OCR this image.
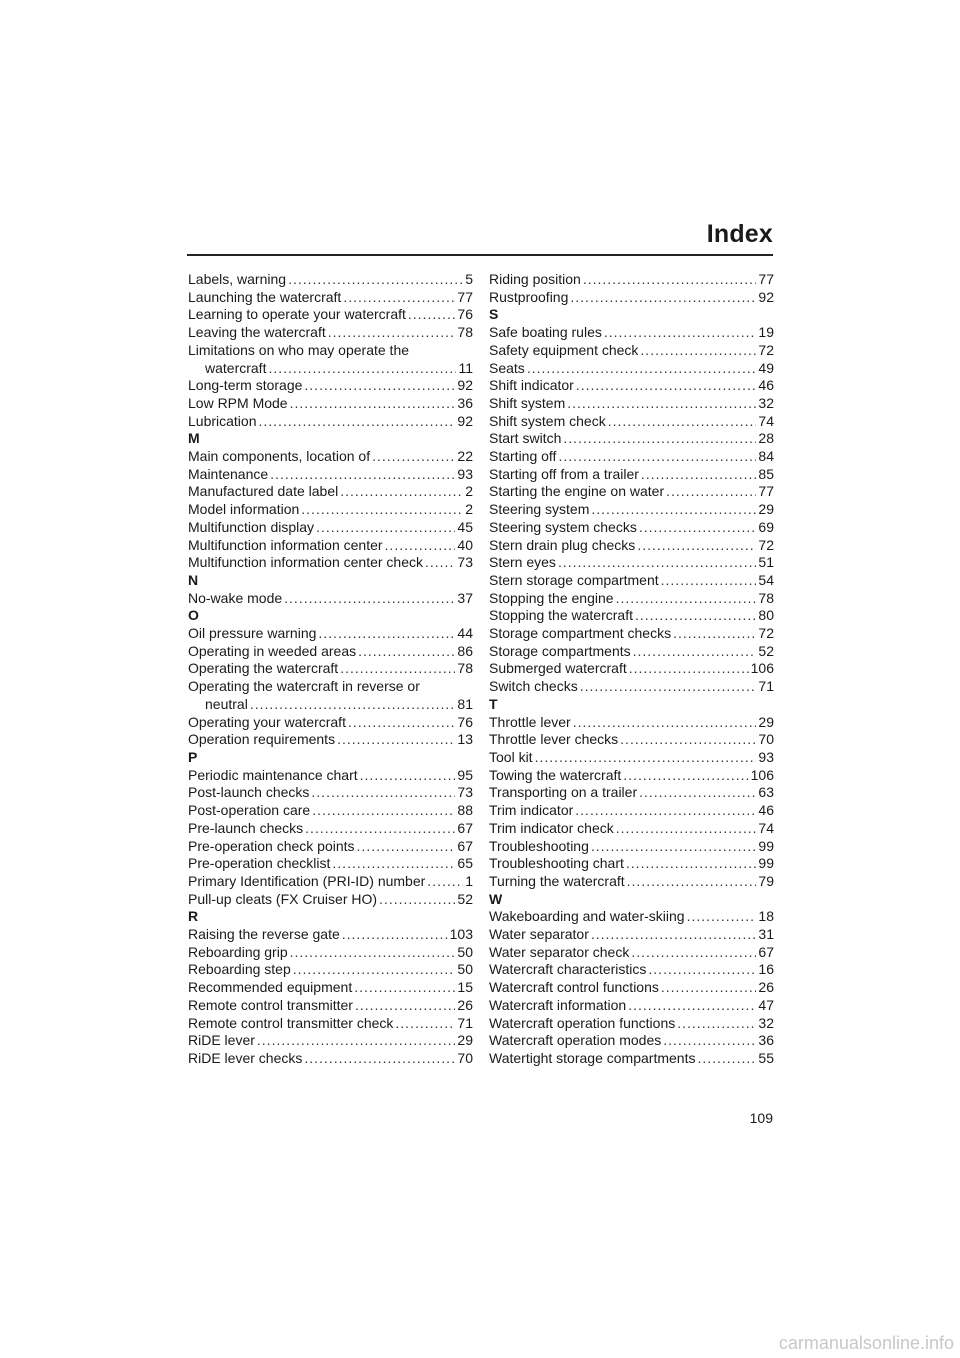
Index
Labels, warning .....	5
Launching the watercraft .....	77
Learning to operate your watercraft .....	76
Leaving the watercraft .....	78
Limitations on who may operate the
watercraft .....	11
Long-term storage .....	92
Low RPM Mode .....	36
Lubrication .....	92
M
Main components, location of .....	22
Maintenance .....	93
Manufactured date label .....	2
Model information .....	2
Multifunction display .....	45
Multifunction information center .....	40
Multifunction information center check ..... 73
N
No-wake mode .....	37
O
Oil pressure warning .....	44
Operating in weeded areas .....	86
Operating the watercraft .....	78
Operating the watercraft in reverse or
neutral .....	81
Operating your watercraft .....	76
Operation requirements .....	13
P
Periodic maintenance chart .....	95
Post-launch checks .....	73
Post-operation care .....	88
Pre-launch checks .....	67
Pre-operation check points .....	67
Pre-operation checklist .....	65
Primary Identification (PRI-ID) number .....	1
Pull-up cleats (FX Cruiser HO) .....	52
R
Raising the reverse gate .....	103
Reboarding grip .....	50
Reboarding step .....	50
Recommended equipment .....	15
Remote control transmitter .....	26
Remote control transmitter check .....	71
RiDE lever .....	29
RiDE lever checks .....	70
Riding position .....	77
Rustproofing .....	92
S
Safe boating rules .....	19
Safety equipment check .....	72
Seats .....	49
Shift indicator .....	46
Shift system .....	32
Shift system check .....	74
Start switch .....	28
Starting off .....	84
Starting off from a trailer .....	85
Starting the engine on water .....	77
Steering system .....	29
Steering system checks .....	69
Stern drain plug checks .....	72
Stern eyes .....	51
Stern storage compartment .....	54
Stopping the engine .....	78
Stopping the watercraft .....	80
Storage compartment checks .....	72
Storage compartments .....	52
Submerged watercraft .....	106
Switch checks .....	71
T
Throttle lever .....	29
Throttle lever checks .....	70
Tool kit .....	93
Towing the watercraft .....	106
Transporting on a trailer .....	63
Trim indicator .....	46
Trim indicator check .....	74
Troubleshooting .....	99
Troubleshooting chart .....	99
Turning the watercraft .....	79
W
Wakeboarding and water-skiing .....	18
Water separator .....	31
Water separator check .....	67
Watercraft characteristics .....	16
Watercraft control functions .....	26
Watercraft information .....	47
Watercraft operation functions .....	32
Watercraft operation modes .....	36
Watertight storage compartments .....	55
109
carmanualsonline.info
